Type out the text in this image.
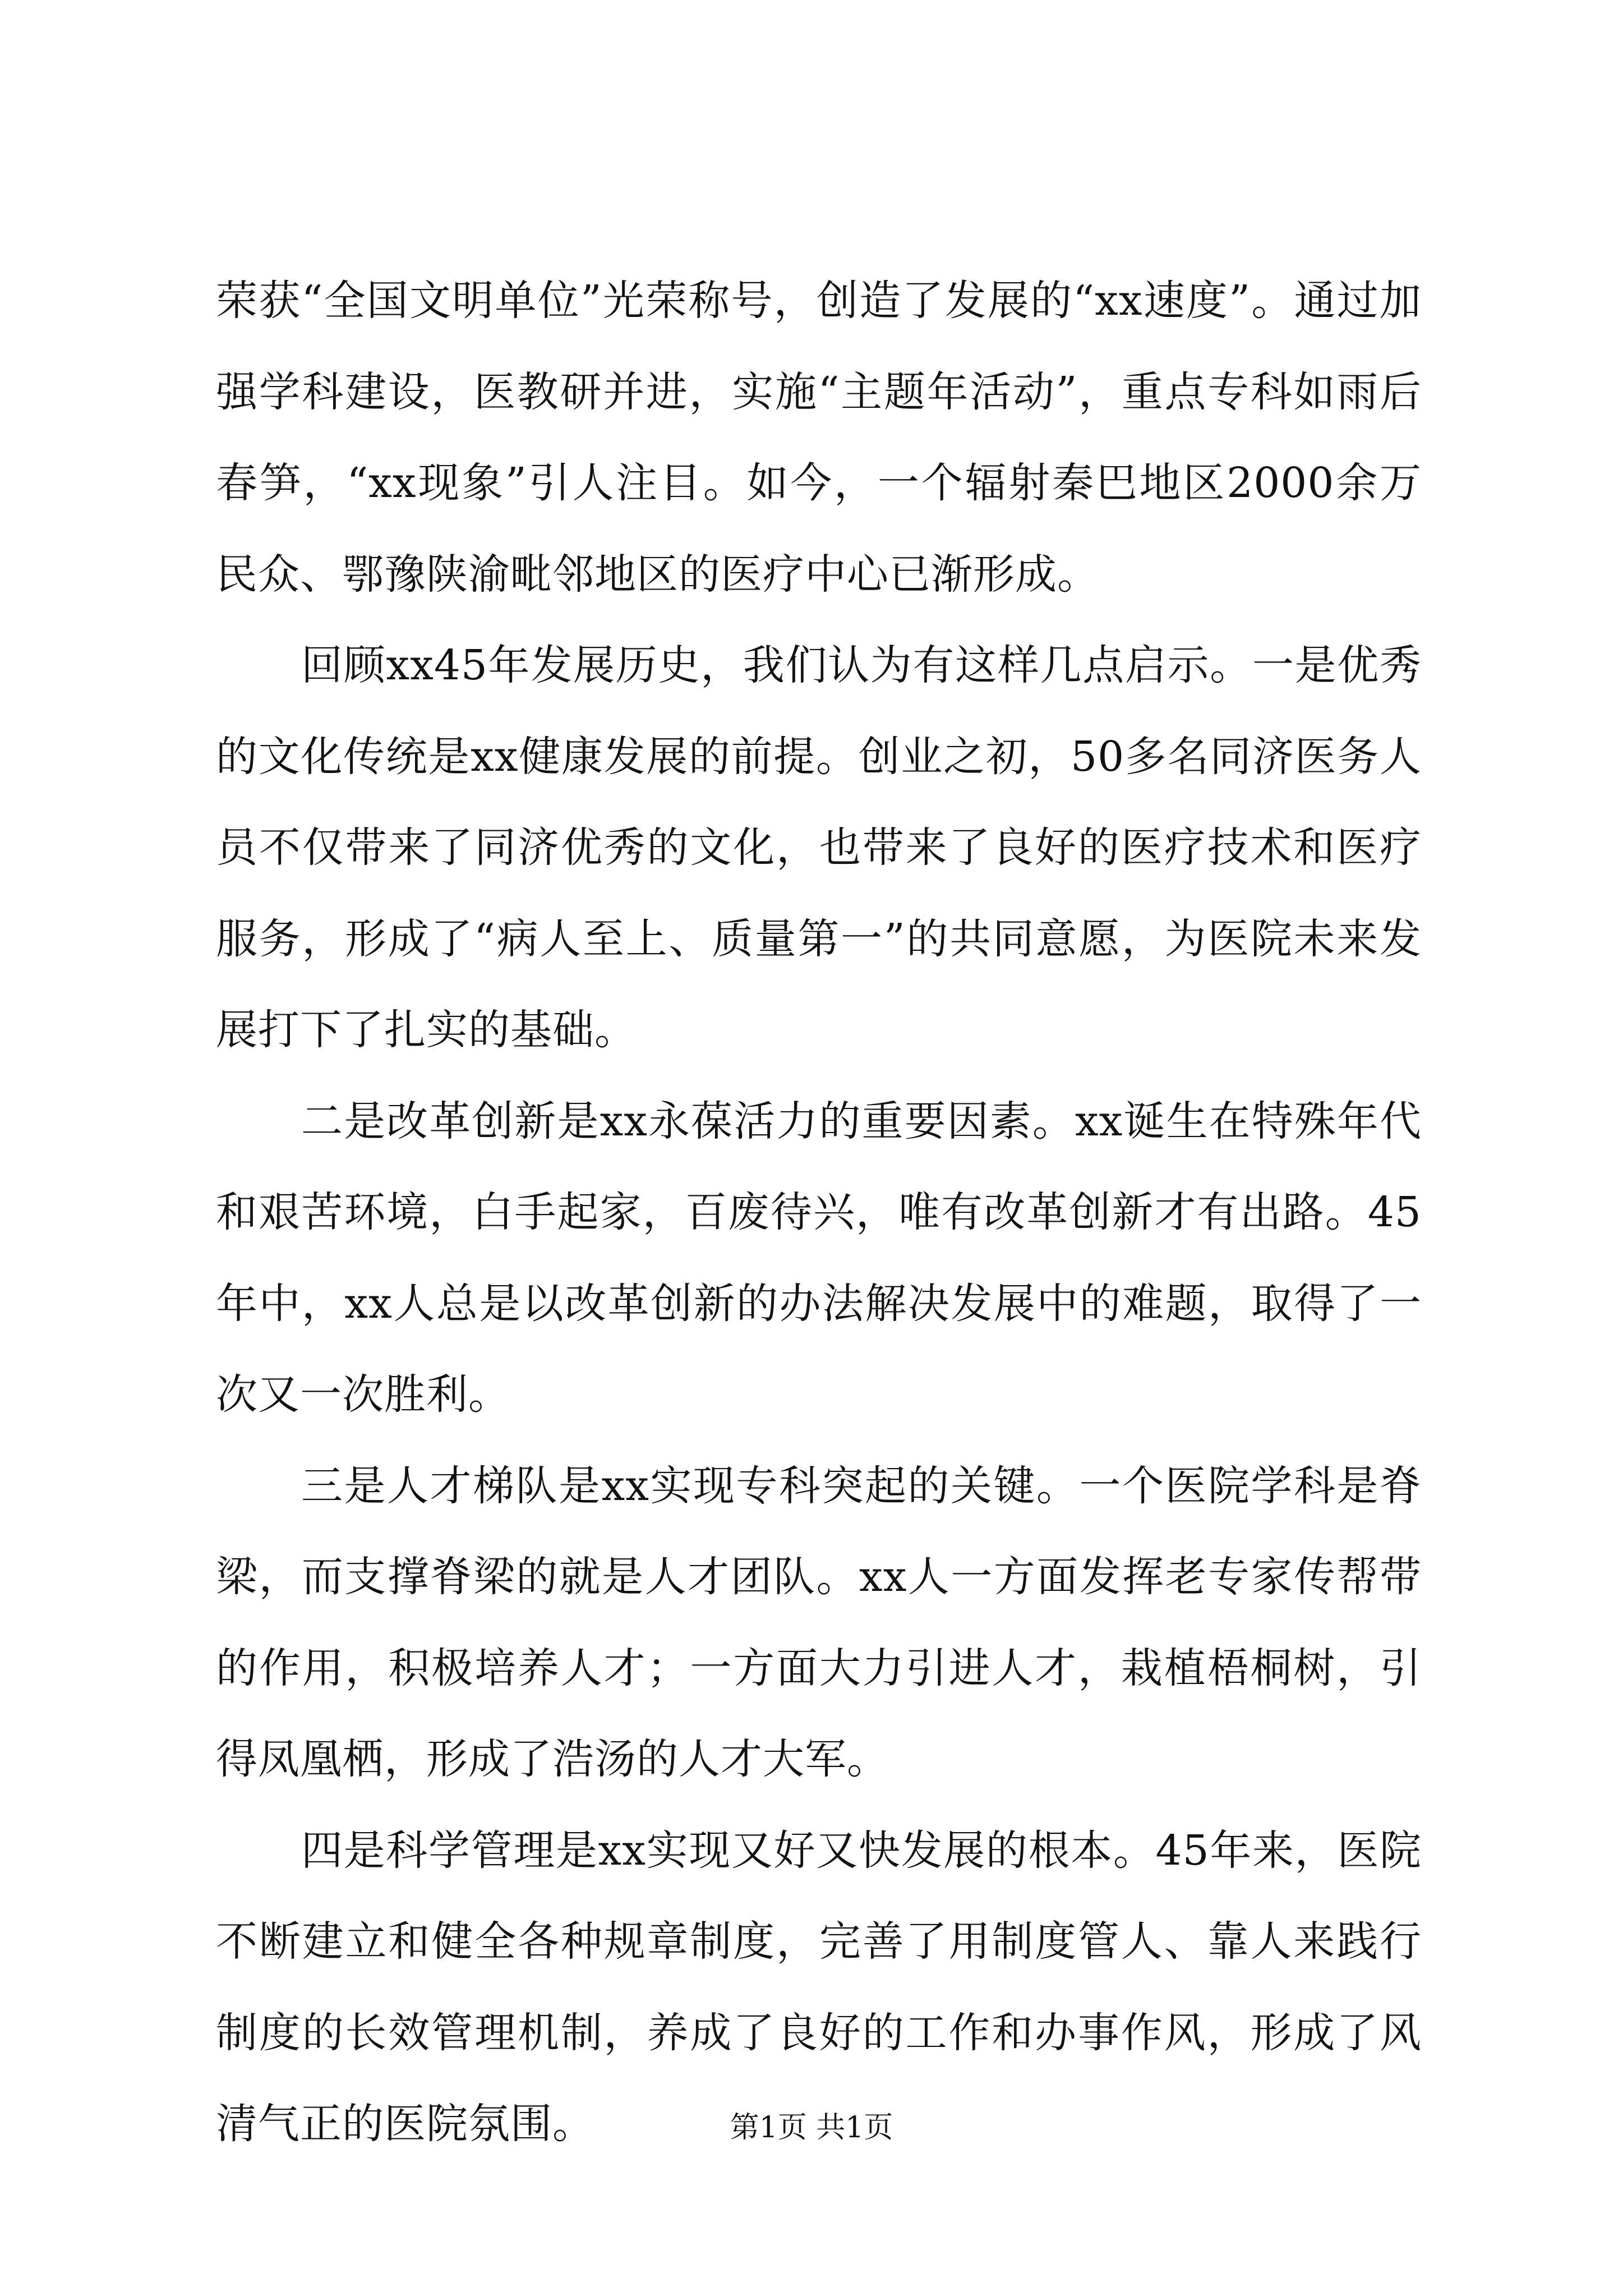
荣获“全国文明单位”光荣称号，创造了发展的“xx速度”。通过加强学科建设，医教研并进，实施“主题年活动”，重点专科如雨后春笋，“xx现象”引人注目。如今，一个辐射秦巴地区2000余万民众、鄂豫陕渝毗邻地区的医疗中心已渐形成。

回顾xx45年发展历史，我们认为有这样几点启示。一是优秀的文化传统是xx健康发展的前提。创业之初，50多名同济医务人员不仅带来了同济优秀的文化，也带来了良好的医疗技术和医疗服务，形成了“病人至上、质量第一”的共同意愿，为医院未来发展打下了扎实的基础。

二是改革创新是xx永葆活力的重要因素。xx诞生在特殊年代和艰苦环境，白手起家，百废待兴，唯有改革创新才有出路。45年中，xx人总是以改革创新的办法解决发展中的难题，取得了一次又一次胜利。

三是人才梯队是xx实现专科突起的关键。一个医院学科是脊梁，而支撑脊梁的就是人才团队。xx人一方面发挥老专家传帮带的作用，积极培养人才；一方面大力引进人才，栽植梧桐树，引得凤凰栖，形成了浩汤的人才大军。

四是科学管理是xx实现又好又快发展的根本。45年来，医院不断建立和健全各种规章制度，完善了用制度管人、靠人来践行制度的长效管理机制，养成了良好的工作和办事作风，形成了风清气正的医院氛围。	第1页 共1页
